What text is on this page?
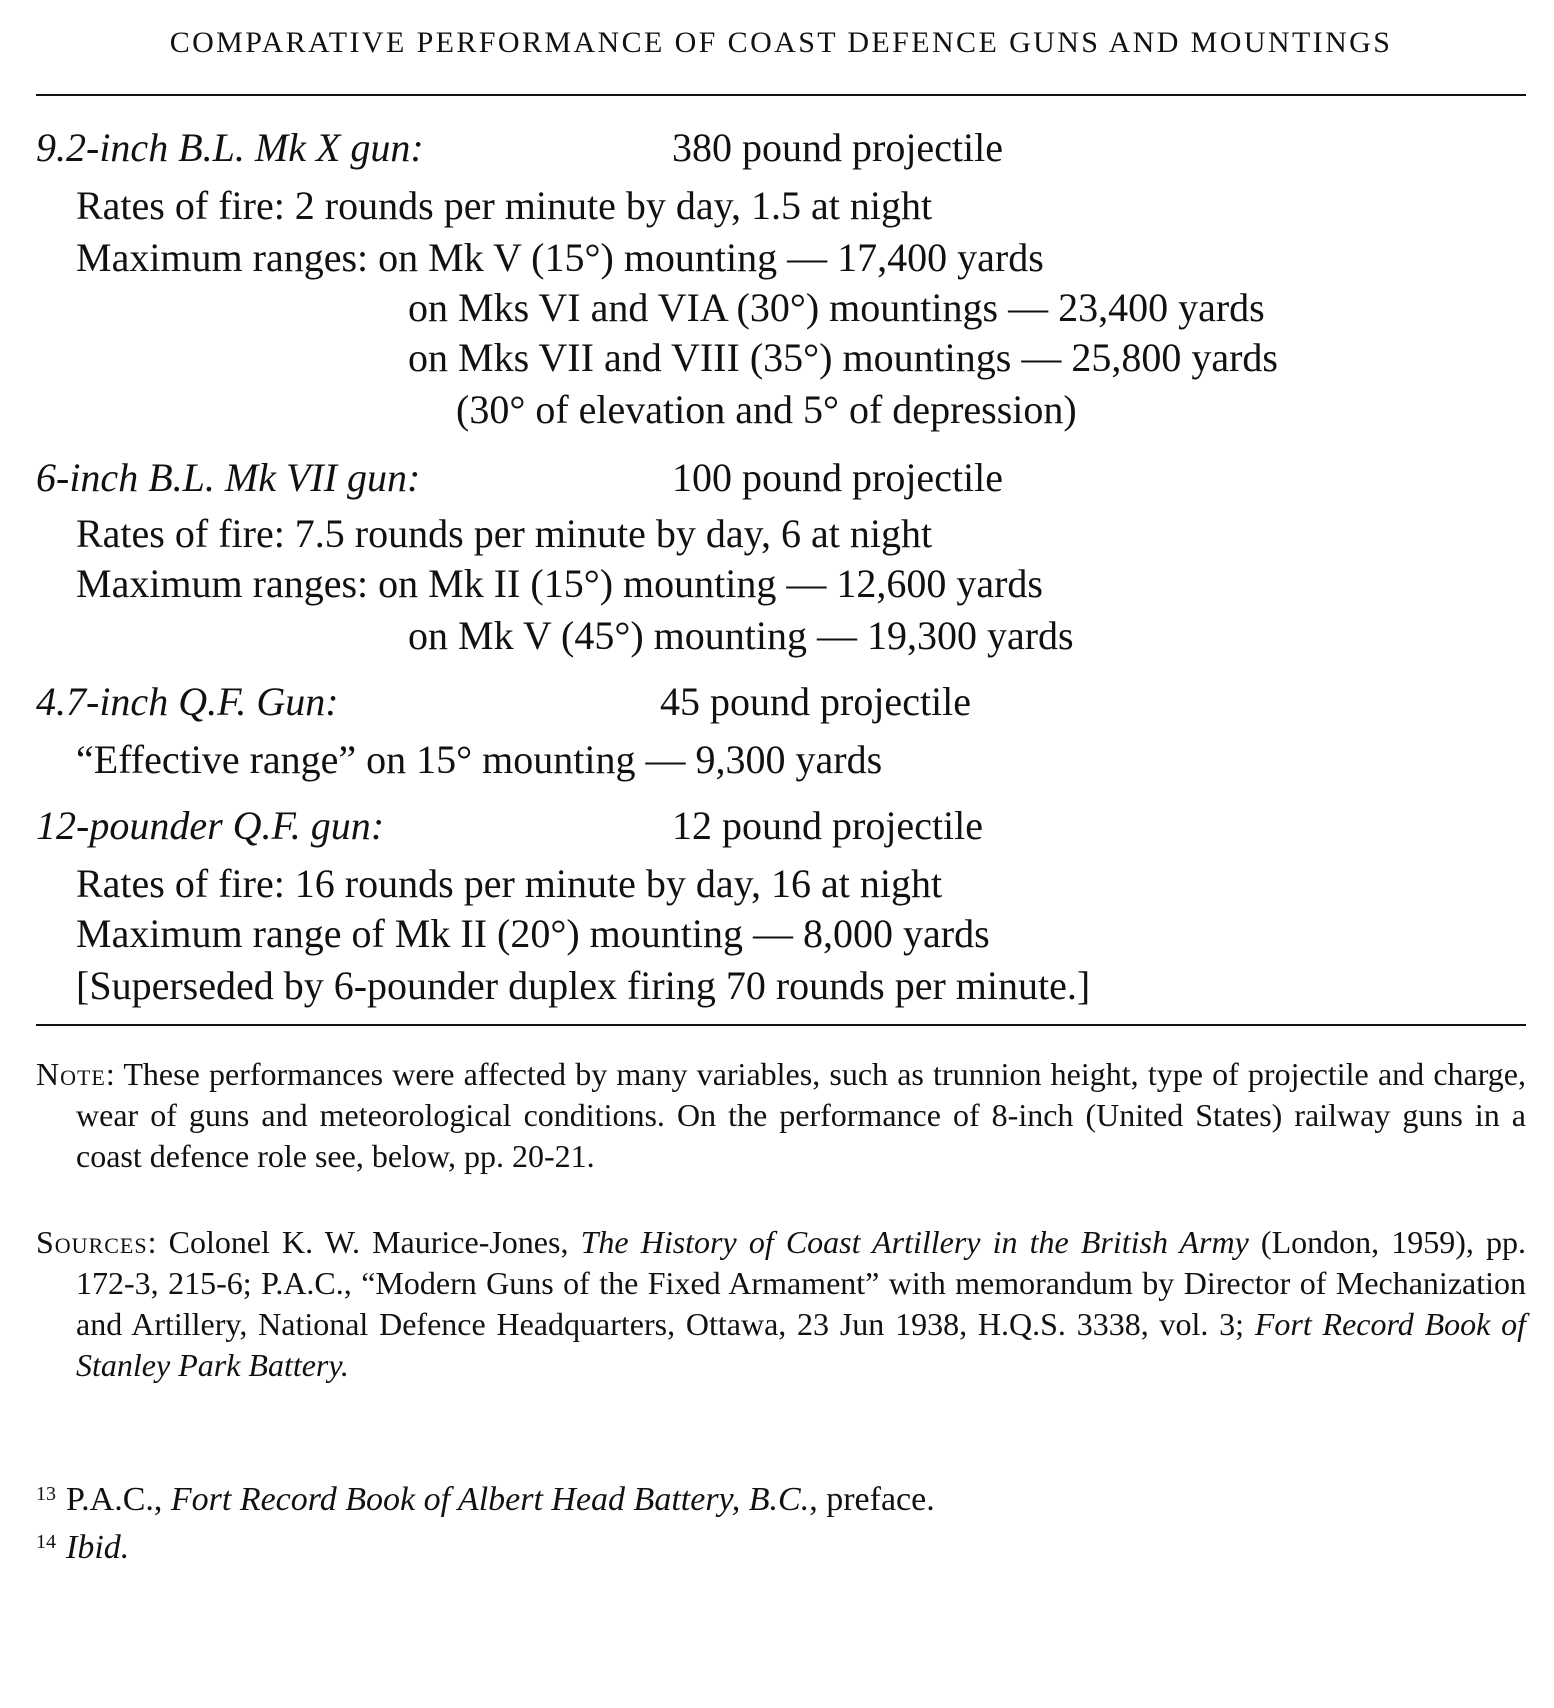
COMPARATIVE PERFORMANCE OF COAST DEFENCE GUNS AND MOUNTINGS
9.2-inch B.L. Mk X gun:	380 pound projectile
Rates of fire: 2 rounds per minute by day, 1.5 at night
Maximum ranges: on Mk V (15°) mounting — 17,400 yards
on Mks VI and VIA (30°) mountings — 23,400 yards
on Mks VII and VIII (35°) mountings — 25,800 yards
(30° of elevation and 5° of depression)
6-inch B.L. Mk VII gun:	100 pound projectile
Rates of fire: 7.5 rounds per minute by day, 6 at night
Maximum ranges: on Mk II (15°) mounting — 12,600 yards
on Mk V (45°) mounting — 19,300 yards
4.7-inch Q.F. Gun:	45 pound projectile
“Effective range” on 15° mounting — 9,300 yards
12-pounder Q.F. gun:	12 pound projectile
Rates of fire: 16 rounds per minute by day, 16 at night
Maximum range of Mk II (20°) mounting — 8,000 yards
[Superseded by 6-pounder duplex firing 70 rounds per minute.]
Note: These performances were affected by many variables, such as trunnion height, type of projectile and charge, wear of guns and meteorological conditions. On the performance of 8-inch (United States) railway guns in a coast defence role see, below, pp. 20-21.
Sources: Colonel K. W. Maurice-Jones, The History of Coast Artillery in the British Army (London, 1959), pp. 172-3, 215-6; P.A.C., “Modern Guns of the Fixed Armament” with memorandum by Director of Mechanization and Artillery, National Defence Headquarters, Ottawa, 23 Jun 1938, H.Q.S. 3338, vol. 3; Fort Record Book of Stanley Park Battery.
$^{13}$ P.A.C., Fort Record Book of Albert Head Battery, B.C., preface.
$^{14}$ Ibid.
